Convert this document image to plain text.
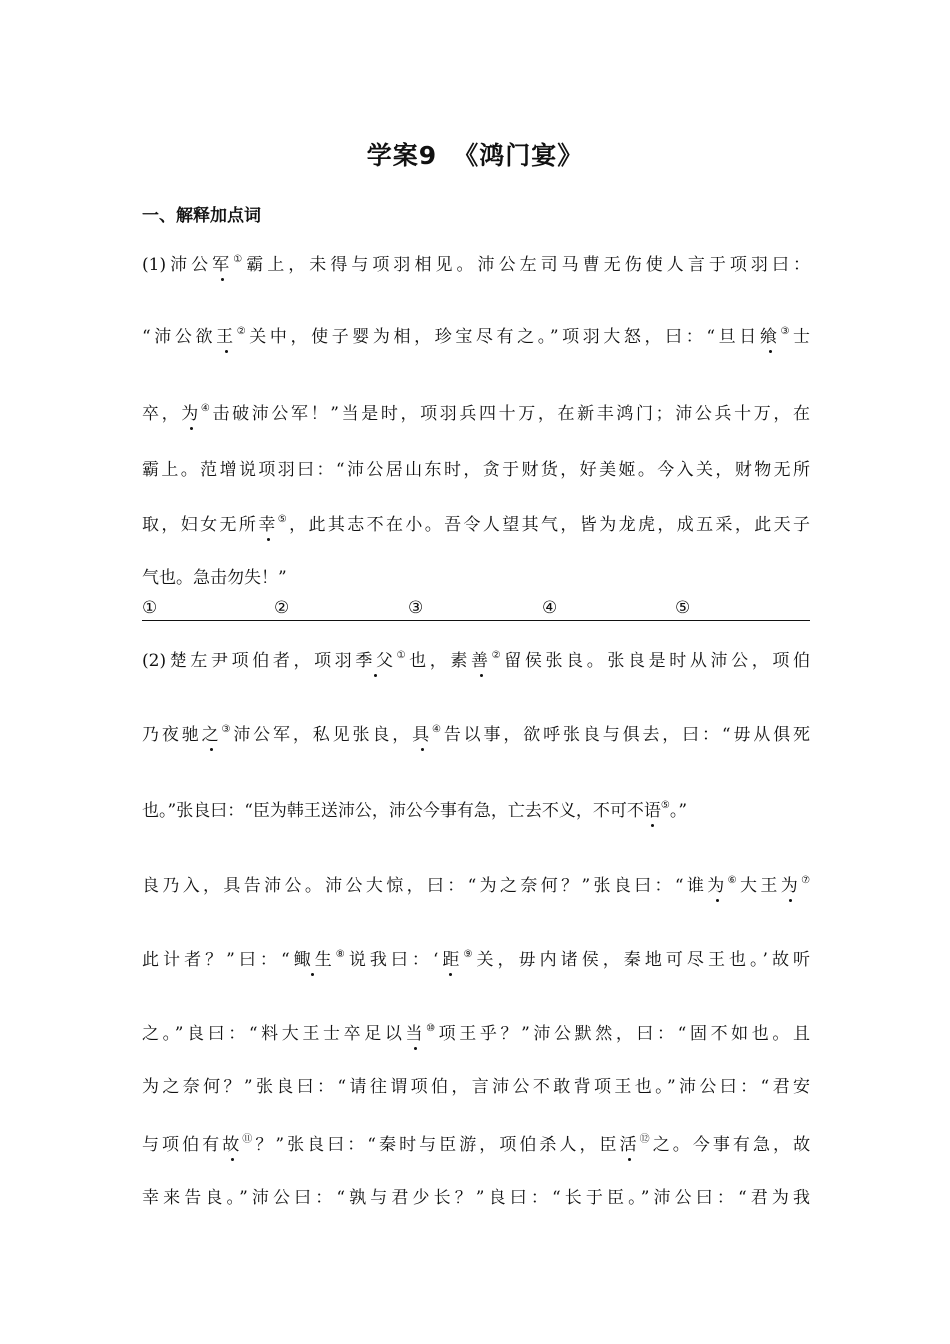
学案9 《鸿门宴》
一、解释加点词
(1)沛公军①霸上，未得与项羽相见。沛公左司马曹无伤使人言于项羽曰：
“沛公欲王②关中，使子婴为相，珍宝尽有之。”项羽大怒，曰：“旦日飨③士
卒，为④击破沛公军！”当是时，项羽兵四十万，在新丰鸿门；沛公兵十万，在
霸上。范增说项羽曰：“沛公居山东时，贪于财货，好美姬。今入关，财物无所
取，妇女无所幸⑤，此其志不在小。吾令人望其气，皆为龙虎，成五采，此天子
气也。急击勿失！”
①	②	③	④	⑤
(2)楚左尹项伯者，项羽季父①也，素善②留侯张良。张良是时从沛公，项伯
乃夜驰之③沛公军，私见张良，具④告以事，欲呼张良与俱去，曰：“毋从俱死
也。”张良曰：“臣为韩王送沛公，沛公今事有急，亡去不义，不可不语⑤。”
良乃入，具告沛公。沛公大惊，曰：“为之奈何？”张良曰：“谁为⑥大王为⑦
此计者？”曰：“鲰生⑧说我曰：‘距⑨关，毋内诸侯，秦地可尽王也。’故听
之。”良曰：“料大王士卒足以当⑩项王乎？”沛公默然，曰：“固不如也。且
为之奈何？”张良曰：“请往谓项伯，言沛公不敢背项王也。”沛公曰：“君安
与项伯有故⑪？”张良曰：“秦时与臣游，项伯杀人，臣活⑫之。今事有急，故
幸来告良。”沛公曰：“孰与君少长？”良曰：“长于臣。”沛公曰：“君为我
